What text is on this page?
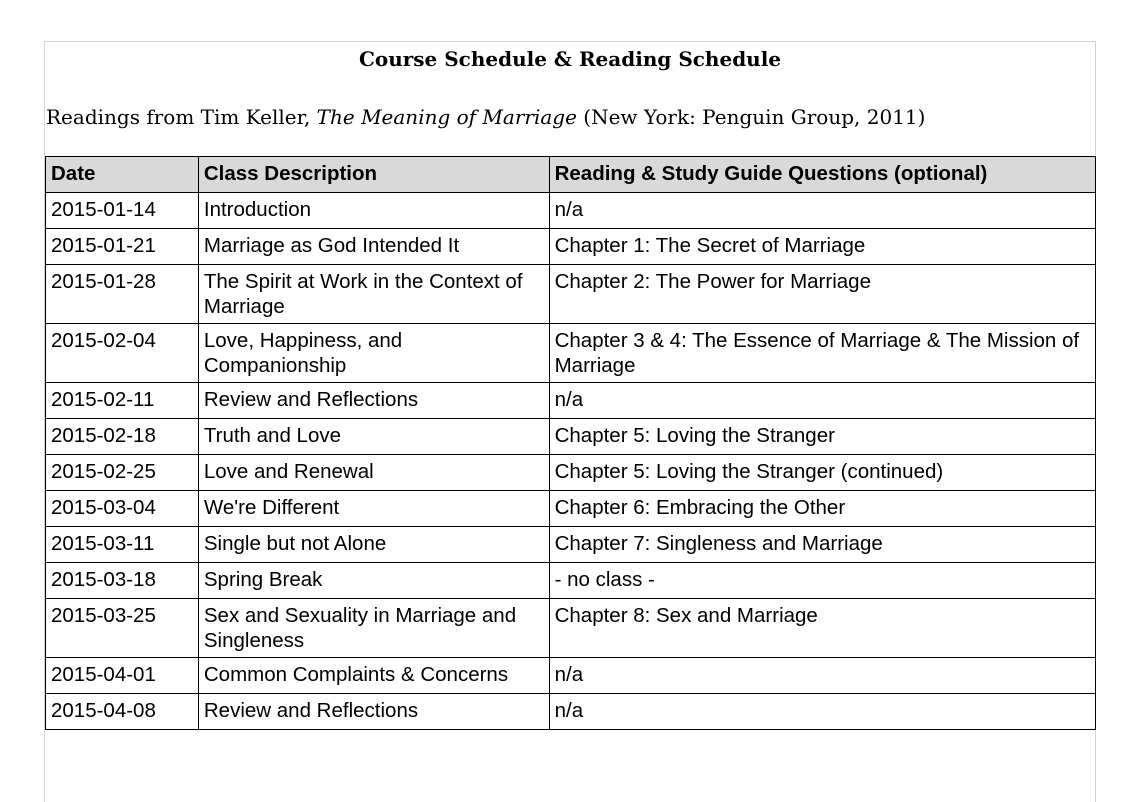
Course Schedule & Reading Schedule
Readings from Tim Keller, The Meaning of Marriage (New York: Penguin Group, 2011)
Date	Class Description	Reading & Study Guide Questions (optional)
2015-01-14	Introduction	n/a
2015-01-21	Marriage as God Intended It	Chapter 1: The Secret of Marriage
2015-01-28	The Spirit at Work in the Context of Marriage	Chapter 2: The Power for Marriage
2015-02-04	Love, Happiness, and Companionship	Chapter 3 & 4: The Essence of Marriage & The Mission of Marriage
2015-02-11	Review and Reflections	n/a
2015-02-18	Truth and Love	Chapter 5: Loving the Stranger
2015-02-25	Love and Renewal	Chapter 5: Loving the Stranger (continued)
2015-03-04	We're Different	Chapter 6: Embracing the Other
2015-03-11	Single but not Alone	Chapter 7: Singleness and Marriage
2015-03-18	Spring Break	- no class -
2015-03-25	Sex and Sexuality in Marriage and Singleness	Chapter 8: Sex and Marriage
2015-04-01	Common Complaints & Concerns	n/a
2015-04-08	Review and Reflections	n/a
